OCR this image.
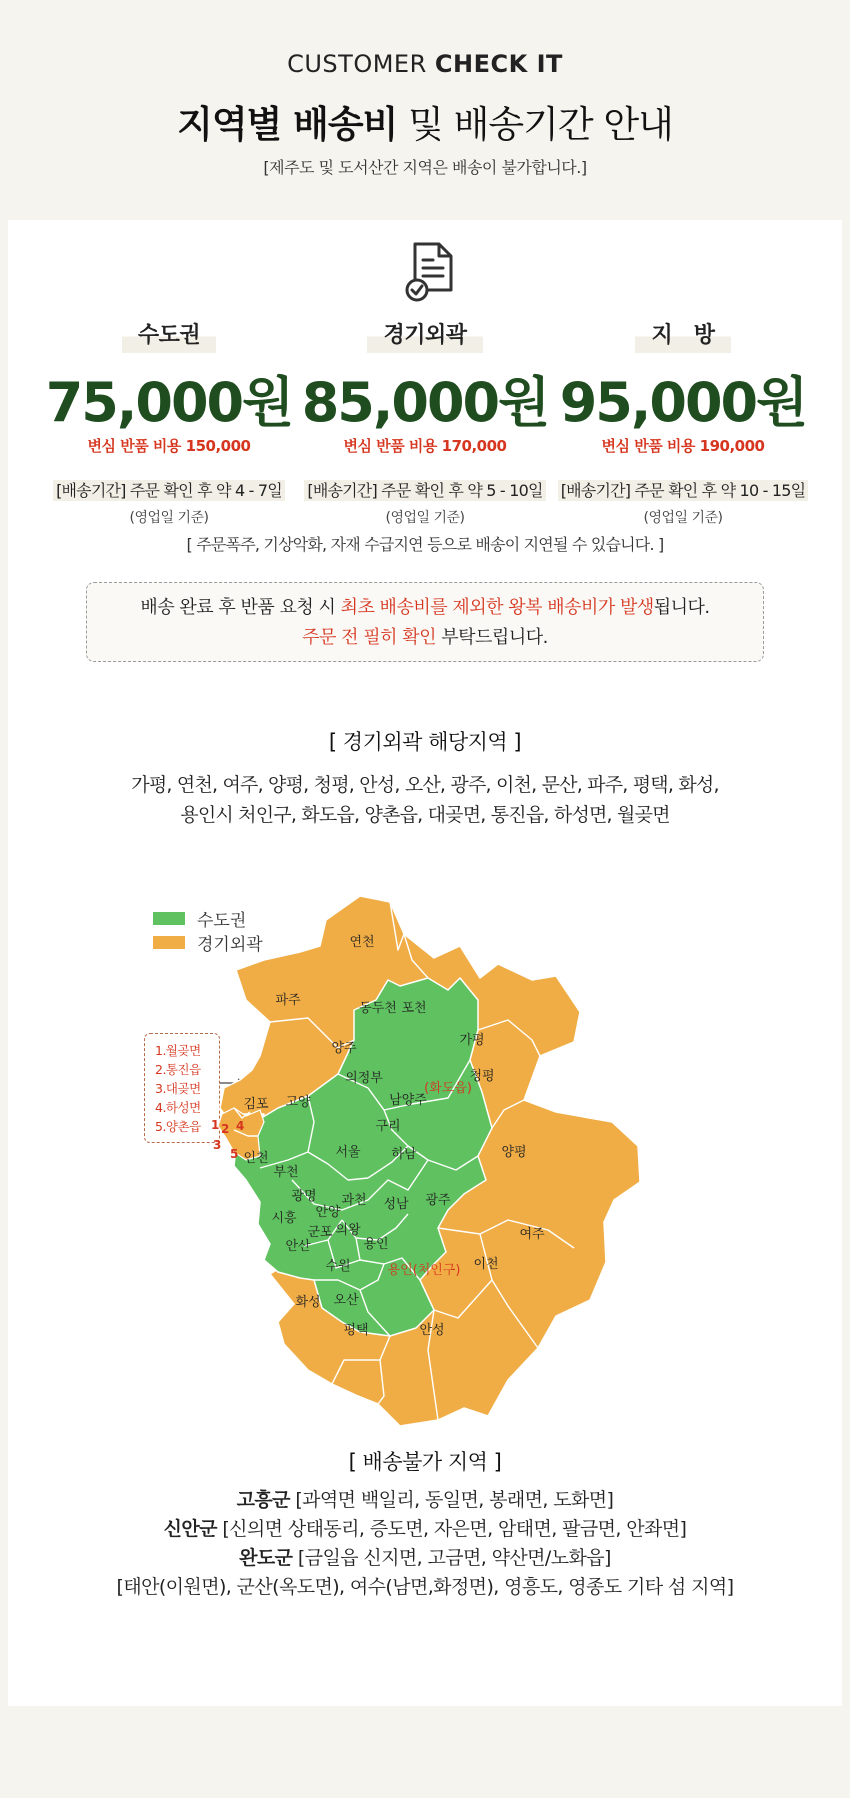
CUSTOMER CHECK IT
지역별 배송비 및 배송기간 안내
[제주도 및 도서산간 지역은 배송이 불가합니다.]
수도권
75,000원
변심 반품 비용 150,000
[배송기간] 주문 확인 후 약 4 - 7일
(영업일 기준)
경기외곽
85,000원
변심 반품 비용 170,000
[배송기간] 주문 확인 후 약 5 - 10일
(영업일 기준)
지　방
95,000원
변심 반품 비용 190,000
[배송기간] 주문 확인 후 약 10 - 15일
(영업일 기준)
[ 주문폭주, 기상악화, 자재 수급지연 등으로 배송이 지연될 수 있습니다. ]
배송 완료 후 반품 요청 시 최초 배송비를 제외한 왕복 배송비가 발생됩니다.
주문 전 필히 확인 부탁드립니다.
[ 경기외곽 해당지역 ]
가평, 연천, 여주, 양평, 청평, 안성, 오산, 광주, 이천, 문산, 파주, 평택, 화성,
용인시 처인구, 화도읍, 양촌읍, 대곶면, 통진읍, 하성면, 월곶면
수도권
경기외곽
1.월곶면
2.통진읍
3.대곶면
4.하성면
5.양촌읍
연천
파주
동두천 포천
가평
양주
청평
의정부
(화도읍)
남양주
고양
김포
구리
서울 하남	양평
인천
부천
광명 과천	광주
안양
성남
시흥
여주
군포 의왕
안산	용인
이천
수원	용인(처인구)
화성 오산
평택	안성
1 2
3
4
5
[ 배송불가 지역 ]
고흥군 [과역면 백일리, 동일면, 봉래면, 도화면]
신안군 [신의면 상태동리, 증도면, 자은면, 암태면, 팔금면, 안좌면]
완도군 [금일읍 신지면, 고금면, 약산면/노화읍]
[태안(이원면), 군산(옥도면), 여수(남면,화정면), 영흥도, 영종도 기타 섬 지역]
